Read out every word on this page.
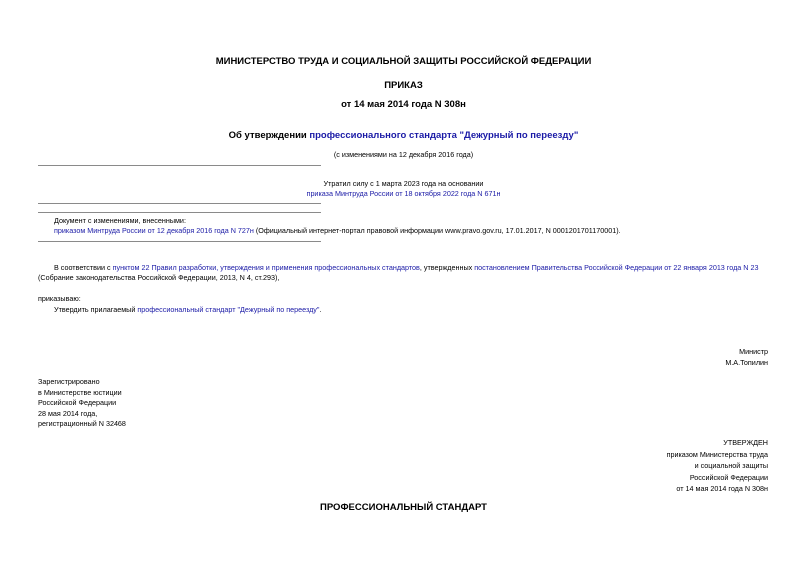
МИНИСТЕРСТВО ТРУДА И СОЦИАЛЬНОЙ ЗАЩИТЫ РОССИЙСКОЙ ФЕДЕРАЦИИ
ПРИКАЗ
от 14 мая 2014 года N 308н
Об утверждении профессионального стандарта "Дежурный по переезду"
(с изменениями на 12 декабря 2016 года)
Утратил силу с 1 марта 2023 года на основании
приказа Минтруда России от 18 октября 2022 года N 671н
Документ с изменениями, внесенными:
приказом Минтруда России от 12 декабря 2016 года N 727н (Официальный интернет-портал правовой информации www.pravo.gov.ru, 17.01.2017, N 0001201701170001).
В соответствии с пунктом 22 Правил разработки, утверждения и применения профессиональных стандартов, утвержденных постановлением Правительства Российской Федерации от 22 января 2013 года N 23
(Собрание законодательства Российской Федерации, 2013, N 4, ст.293),
приказываю:
Утвердить прилагаемый профессиональный стандарт "Дежурный по переезду".
Министр
М.А.Топилин
Зарегистрировано
в Министерстве юстиции
Российской Федерации
28 мая 2014 года,
регистрационный N 32468
УТВЕРЖДЕН
приказом Министерства труда
и социальной защиты
Российской Федерации
от 14 мая 2014 года N 308н
ПРОФЕССИОНАЛЬНЫЙ СТАНДАРТ
